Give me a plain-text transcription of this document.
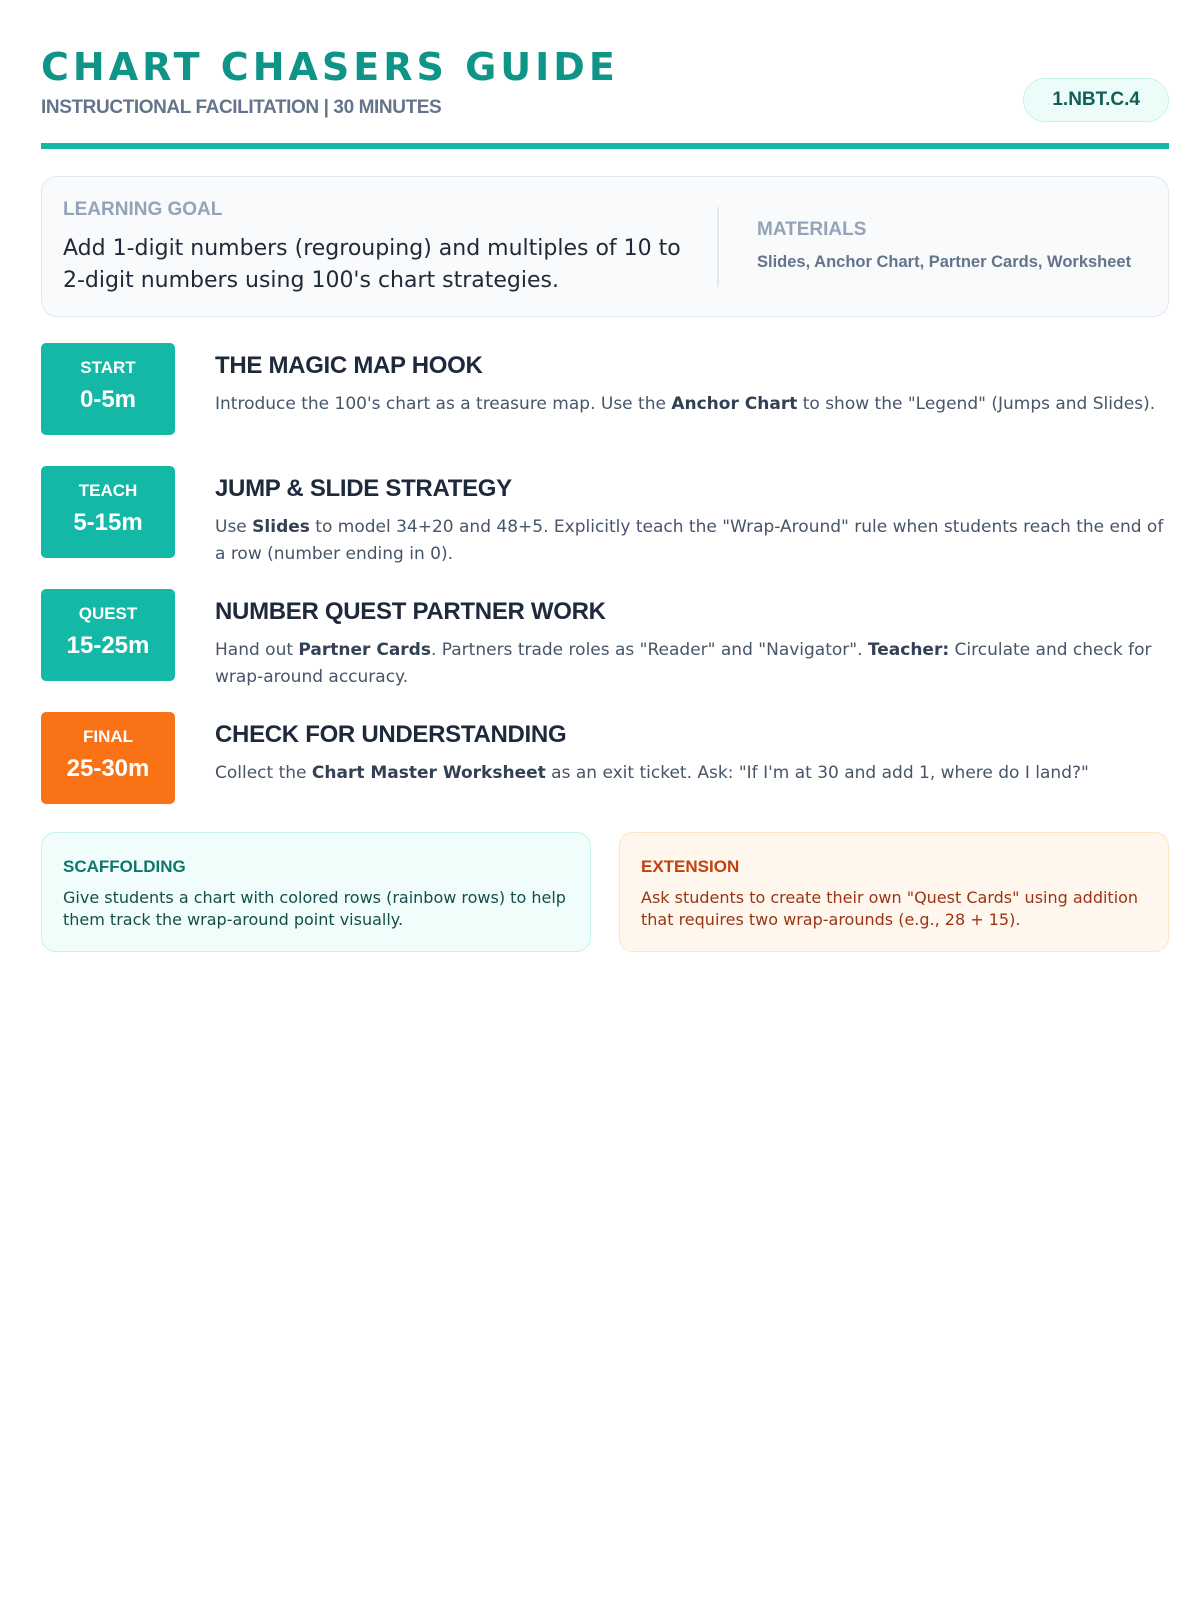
CHART CHASERS GUIDE
INSTRUCTIONAL FACILITATION | 30 MINUTES	1.NBT.C.4
LEARNING GOAL
Add 1-digit numbers (regrouping) and multiples of 10 to 2-digit numbers using 100's chart strategies.
MATERIALS
Slides, Anchor Chart, Partner Cards, Worksheet
START
0-5m
THE MAGIC MAP HOOK
Introduce the 100's chart as a treasure map. Use the Anchor Chart to show the "Legend" (Jumps and Slides).
TEACH
5-15m
JUMP & SLIDE STRATEGY
Use Slides to model 34+20 and 48+5. Explicitly teach the "Wrap-Around" rule when students reach the end of a row (number ending in 0).
QUEST
15-25m
NUMBER QUEST PARTNER WORK
Hand out Partner Cards. Partners trade roles as "Reader" and "Navigator". Teacher: Circulate and check for wrap-around accuracy.
FINAL
25-30m
CHECK FOR UNDERSTANDING
Collect the Chart Master Worksheet as an exit ticket. Ask: "If I'm at 30 and add 1, where do I land?"
SCAFFOLDING
Give students a chart with colored rows (rainbow rows) to help them track the wrap-around point visually.
EXTENSION
Ask students to create their own "Quest Cards" using addition that requires two wrap-arounds (e.g., 28 + 15).
